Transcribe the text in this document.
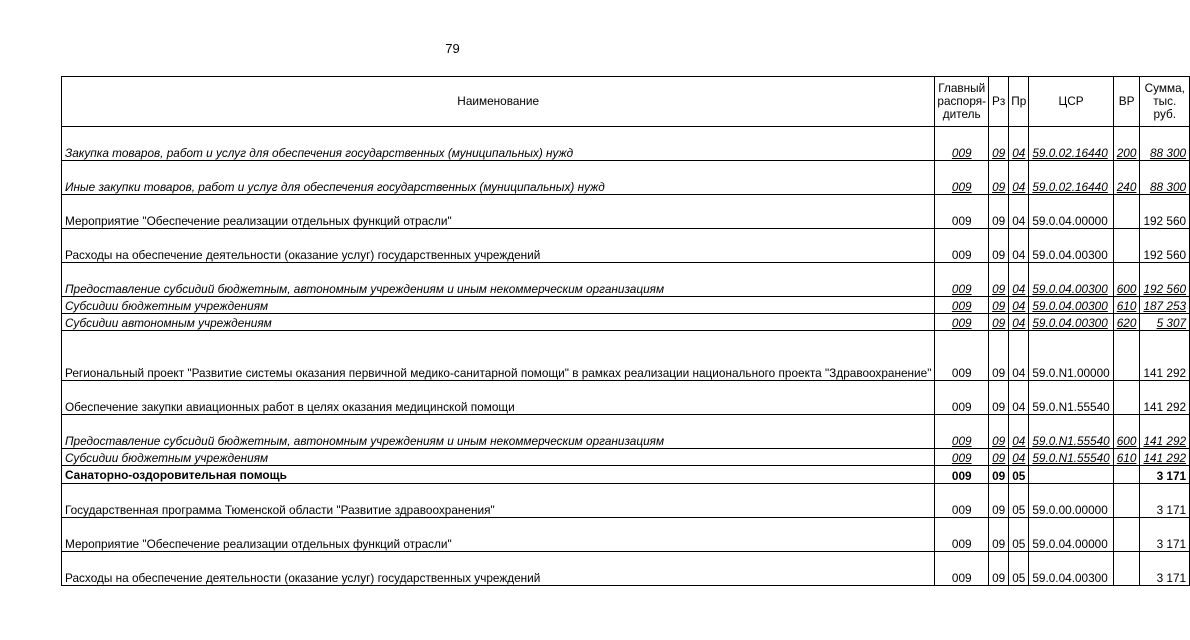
79
Наименование	Главный распоря-дитель	Рз	Пр	ЦСР	ВР	Сумма, тыс. руб.
Закупка товаров, работ и услуг для обеспечения государственных (муниципальных) нужд	009	09	04	59.0.02.16440	200	88 300
Иные закупки товаров, работ и услуг для обеспечения государственных (муниципальных) нужд	009	09	04	59.0.02.16440	240	88 300
Мероприятие "Обеспечение реализации отдельных функций отрасли"	009	09	04	59.0.04.00000		192 560
Расходы на обеспечение деятельности (оказание услуг) государственных учреждений	009	09	04	59.0.04.00300		192 560
Предоставление субсидий бюджетным, автономным учреждениям и иным некоммерческим организациям	009	09	04	59.0.04.00300	600	192 560
Субсидии бюджетным учреждениям	009	09	04	59.0.04.00300	610	187 253
Субсидии автономным учреждениям	009	09	04	59.0.04.00300	620	5 307
Региональный проект "Развитие системы оказания первичной медико-санитарной помощи" в рамках реализации национального проекта "Здравоохранение"	009	09	04	59.0.N1.00000		141 292
Обеспечение закупки авиационных работ в целях оказания медицинской помощи	009	09	04	59.0.N1.55540		141 292
Предоставление субсидий бюджетным, автономным учреждениям и иным некоммерческим организациям	009	09	04	59.0.N1.55540	600	141 292
Субсидии бюджетным учреждениям	009	09	04	59.0.N1.55540	610	141 292
Санаторно-оздоровительная помощь	009	09	05			3 171
Государственная программа Тюменской области "Развитие здравоохранения"	009	09	05	59.0.00.00000		3 171
Мероприятие "Обеспечение реализации отдельных функций отрасли"	009	09	05	59.0.04.00000		3 171
Расходы на обеспечение деятельности (оказание услуг) государственных учреждений	009	09	05	59.0.04.00300		3 171
